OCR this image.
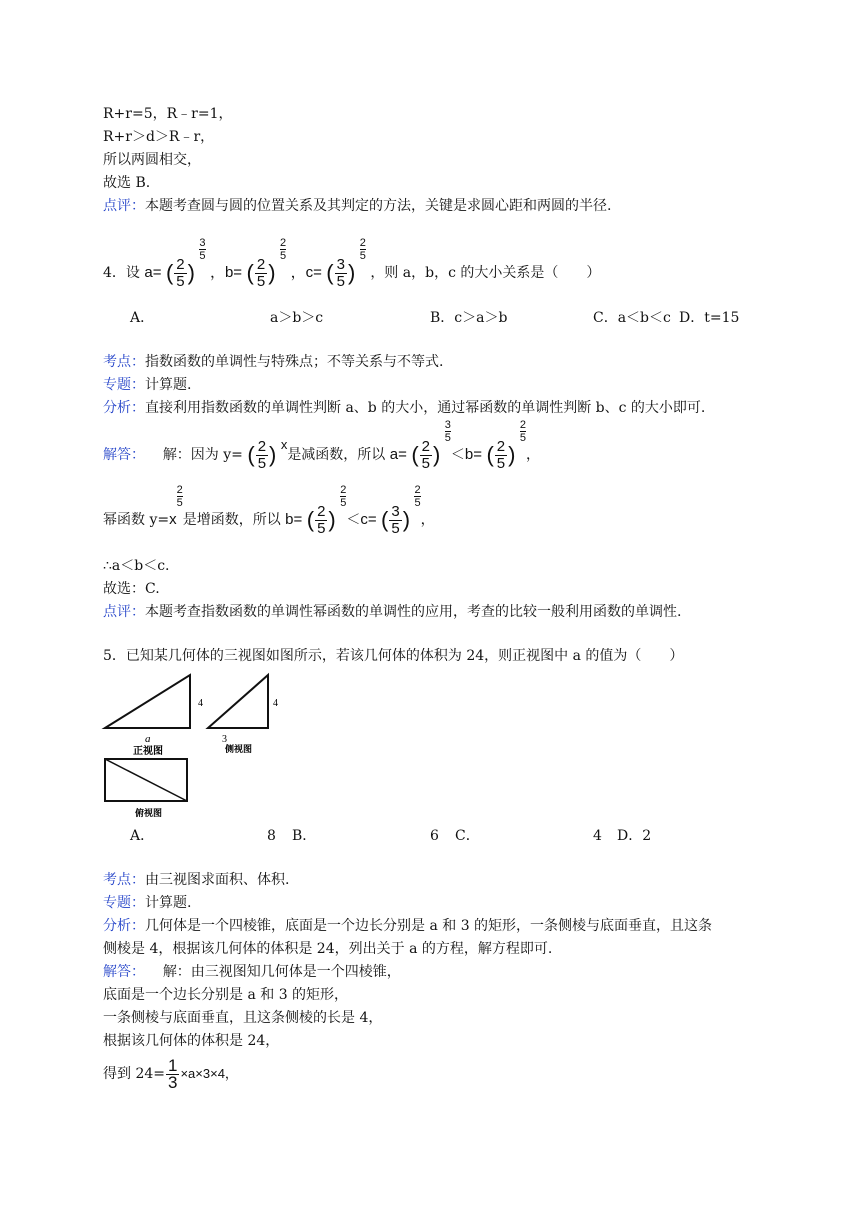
R+r=5，R﹣r=1，
R+r＞d＞R﹣r，
所以两圆相交，
故选 B.
点评：本题考查圆与圆的位置关系及其判定的方法，关键是求圆心距和两圆的半径.
4．设 a= ( $\frac{2}{5}$ )
$\frac{3}{5}$
，b= ( $\frac{2}{5}$ )
$\frac{2}{5}$
，c= ( $\frac{3}{5}$ )
$\frac{2}{5}$
，则 a，b，c 的大小关系是（　　）
A．	a＞b＞c	B．c＞a＞b	C．a＜b＜c D．t=15
考点：指数函数的单调性与特殊点；不等关系与不等式.
专题：计算题.
分析：直接利用指数函数的单调性判断 a、b 的大小，通过幂函数的单调性判断 b、c 的大小即可.
解答： 解：因为 y= ( $\frac{2}{5}$ ) x是减函数，所以 a= ( $\frac{2}{5}$ )
$\frac{3}{5}$
＜b= ( $\frac{2}{5}$ )
$\frac{2}{5}$
，
幂函数 y=x
$\frac{2}{5}$
是增函数，所以 b= ( $\frac{2}{5}$ )
$\frac{2}{5}$
＜c= ( $\frac{3}{5}$ )
$\frac{2}{5}$
，
∴a＜b＜c.
故选：C.
点评：本题考查指数函数的单调性幂函数的单调性的应用，考查的比较一般利用函数的单调性.
5．已知某几何体的三视图如图所示，若该几何体的体积为 24，则正视图中 a 的值为（　　）
4
a
正视图
4
3
侧视图
俯视图
A．	8 B．	6 C．	4 D．2
考点：由三视图求面积、体积.
专题：计算题.
分析：几何体是一个四棱锥，底面是一个边长分别是 a 和 3 的矩形，一条侧棱与底面垂直，且这条
侧棱是 4，根据该几何体的体积是 24，列出关于 a 的方程，解方程即可.
解答： 解：由三视图知几何体是一个四棱锥，
底面是一个边长分别是 a 和 3 的矩形，
一条侧棱与底面垂直，且这条侧棱的长是 4，
根据该几何体的体积是 24，
得到 $24= \frac{1}{3} \times a\times 3\times 4$，
